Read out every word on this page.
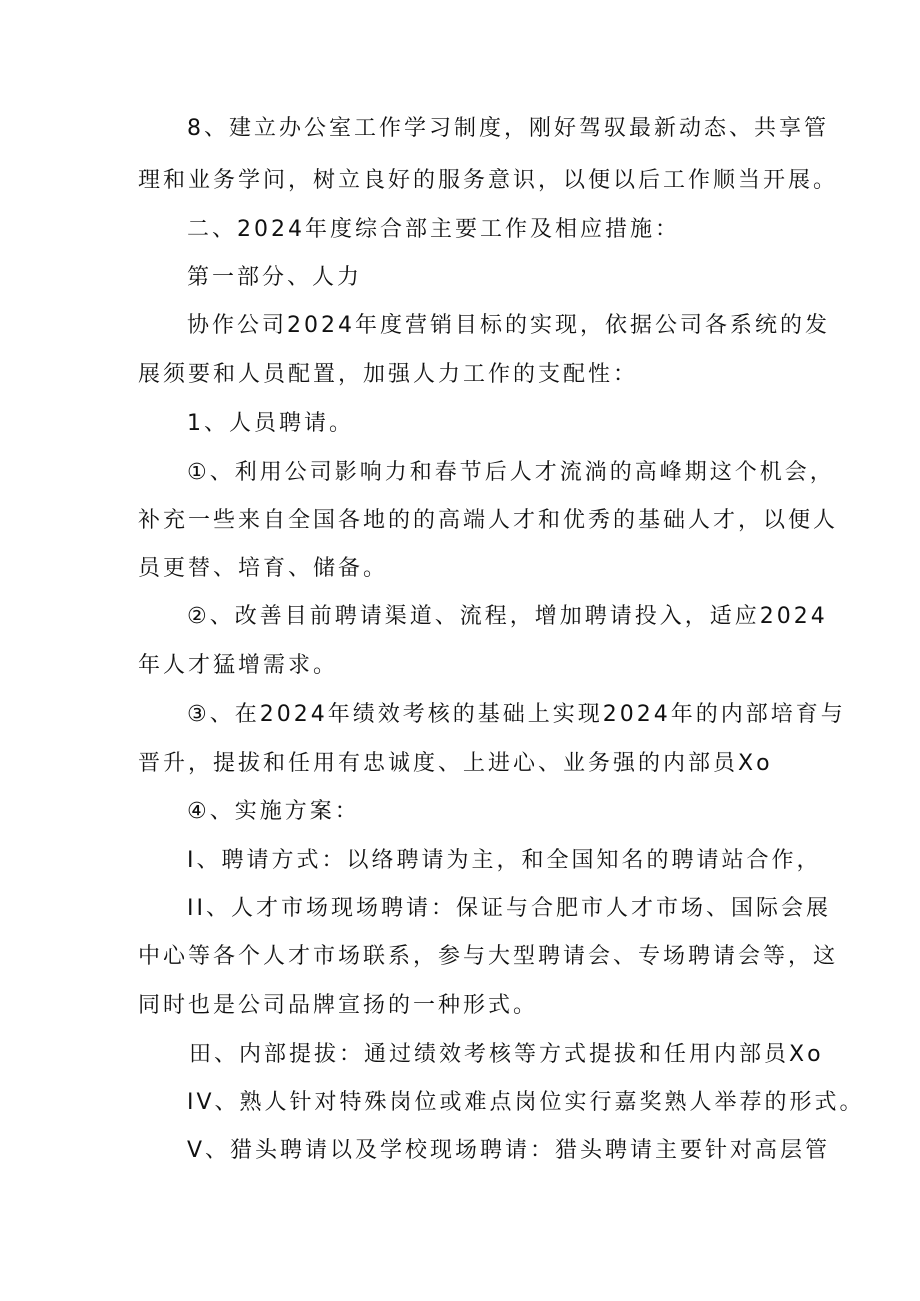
8、建立办公室工作学习制度，刚好驾驭最新动态、共享管
理和业务学问，树立良好的服务意识，以便以后工作顺当开展。
二、2024年度综合部主要工作及相应措施：
第一部分、人力
协作公司2024年度营销目标的实现，依据公司各系统的发
展须要和人员配置，加强人力工作的支配性：
1、人员聘请。
①、利用公司影响力和春节后人才流淌的高峰期这个机会，
补充一些来自全国各地的的高端人才和优秀的基础人才，以便人
员更替、培育、储备。
②、改善目前聘请渠道、流程，增加聘请投入，适应2024
年人才猛增需求。
③、在2024年绩效考核的基础上实现2024年的内部培育与
晋升，提拔和任用有忠诚度、上进心、业务强的内部员Xo
④、实施方案：
I、聘请方式：以络聘请为主，和全国知名的聘请站合作，
II、人才市场现场聘请：保证与合肥市人才市场、国际会展
中心等各个人才市场联系，参与大型聘请会、专场聘请会等，这
同时也是公司品牌宣扬的一种形式。
田、内部提拔：通过绩效考核等方式提拔和任用内部员Xo
IV、熟人针对特殊岗位或难点岗位实行嘉奖熟人举荐的形式。
V、猎头聘请以及学校现场聘请：猎头聘请主要针对高层管
